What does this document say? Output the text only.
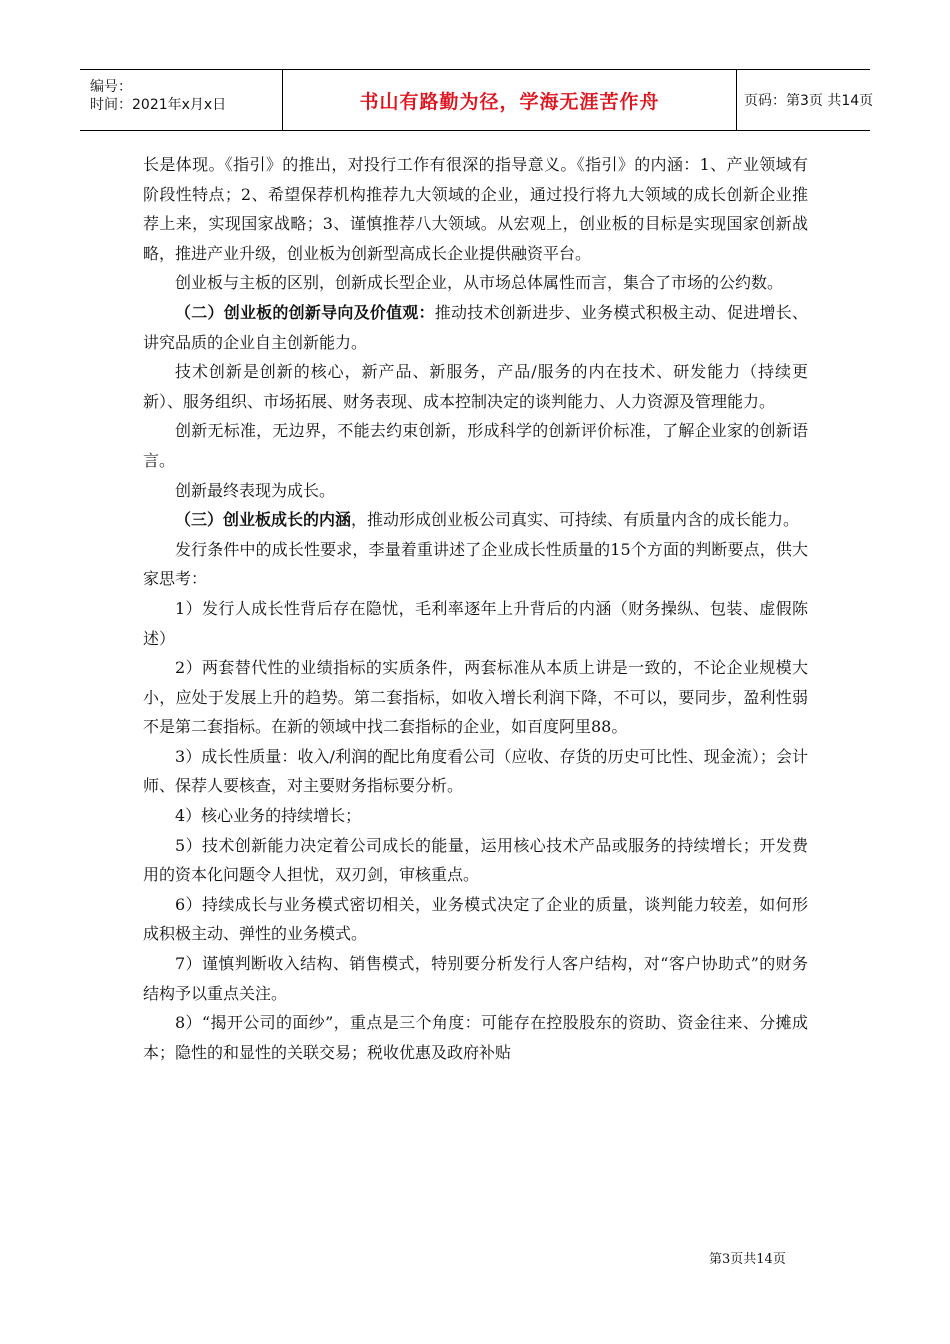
编号：
时间：2021年x月x日	书山有路勤为径，学海无涯苦作舟	页码：第3页 共14页

长是体现。《指引》的推出，对投行工作有很深的指导意义。《指引》的内涵：1、产业领域有阶段性特点；2、希望保荐机构推荐九大领域的企业，通过投行将九大领域的成长创新企业推荐上来，实现国家战略；3、谨慎推荐八大领域。从宏观上，创业板的目标是实现国家创新战略，推进产业升级，创业板为创新型高成长企业提供融资平台。

创业板与主板的区别，创新成长型企业，从市场总体属性而言，集合了市场的公约数。

（二）创业板的创新导向及价值观：推动技术创新进步、业务模式积极主动、促进增长、讲究品质的企业自主创新能力。

技术创新是创新的核心，新产品、新服务，产品/服务的内在技术、研发能力（持续更新）、服务组织、市场拓展、财务表现、成本控制决定的谈判能力、人力资源及管理能力。

创新无标准，无边界，不能去约束创新，形成科学的创新评价标准，了解企业家的创新语言。

创新最终表现为成长。

（三）创业板成长的内涵，推动形成创业板公司真实、可持续、有质量内含的成长能力。

发行条件中的成长性要求，李量着重讲述了企业成长性质量的15个方面的判断要点，供大家思考：

1）发行人成长性背后存在隐忧，毛利率逐年上升背后的内涵（财务操纵、包装、虚假陈述）

2）两套替代性的业绩指标的实质条件，两套标准从本质上讲是一致的，不论企业规模大小，应处于发展上升的趋势。第二套指标，如收入增长利润下降，不可以，要同步，盈利性弱不是第二套指标。在新的领域中找二套指标的企业，如百度阿里88。

3）成长性质量：收入/利润的配比角度看公司（应收、存货的历史可比性、现金流）；会计师、保荐人要核查，对主要财务指标要分析。

4）核心业务的持续增长；

5）技术创新能力决定着公司成长的能量，运用核心技术产品或服务的持续增长；开发费用的资本化问题令人担忧，双刃剑，审核重点。

6）持续成长与业务模式密切相关，业务模式决定了企业的质量，谈判能力较差，如何形成积极主动、弹性的业务模式。

7）谨慎判断收入结构、销售模式，特别要分析发行人客户结构，对“客户协助式”的财务结构予以重点关注。

8）“揭开公司的面纱”，重点是三个角度：可能存在控股股东的资助、资金往来、分摊成本；隐性的和显性的关联交易；税收优惠及政府补贴

第3页共14页
